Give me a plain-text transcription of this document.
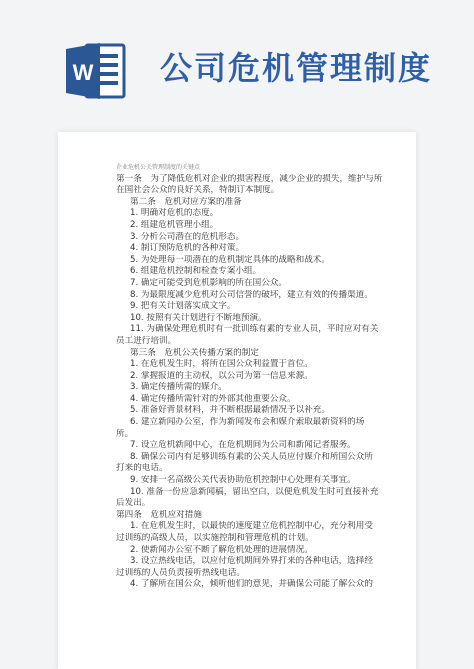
W 公司危机管理制度
企业危机公关管理制度的关键点
第一条　为了降低危机对企业的损害程度，减少企业的损失，维护与所
在国社会公众的良好关系，特制订本制度。
第二条　危机对应方案的准备
1. 明确对危机的态度。
2. 组建危机管理小组。
3. 分析公司潜在的危机形态。
4. 制订预防危机的各种对策。
5. 为处理每一项潜在的危机制定具体的战略和战术。
6. 组建危机控制和检查专案小组。
7. 确定可能受到危机影响的所在国公众。
8. 为最限度减少危机对公司信誉的破坏，建立有效的传播渠道。
9. 把有关计划落实成文字。
10. 按照有关计划进行不断地预演。
11. 为确保处理危机时有一批训练有素的专业人员，平时应对有关
员工进行培训。
第三条　危机公关传播方案的制定
1. 在危机发生时，将所在国公众利益置于首位。
2. 掌握报道的主动权，以公司为第一信息来源。
3. 确定传播所需的媒介。
4. 确定传播所需针对的外部其他重要公众。
5. 准备好背景材料，并不断根据最新情况予以补充。
6. 建立新闻办公室，作为新闻发布会和媒介索取最新资料的场
所。
7. 设立危机新闻中心，在危机期间为公司和新闻记者服务。
8. 确保公司内有足够训练有素的公关人员应付媒介和所国公众所
打来的电话。
9. 安排一名高级公关代表协助危机控制中心处理有关事宜。
10. 准备一份应急新闻稿，留出空白，以便危机发生时可直接补充
后发出。
第四条　危机应对措施
1. 在危机发生时，以最快的速度建立危机控制中心，充分利用受
过训练的高级人员，以实施控制和管理危机的计划。
2. 使新闻办公室不断了解危机处理的进展情况。
3. 设立热线电话，以应付危机期间外界打来的各种电话，选择经
过训练的人员负责接听热线电话。
4. 了解所在国公众，倾听他们的意见，并确保公司能了解公众的
